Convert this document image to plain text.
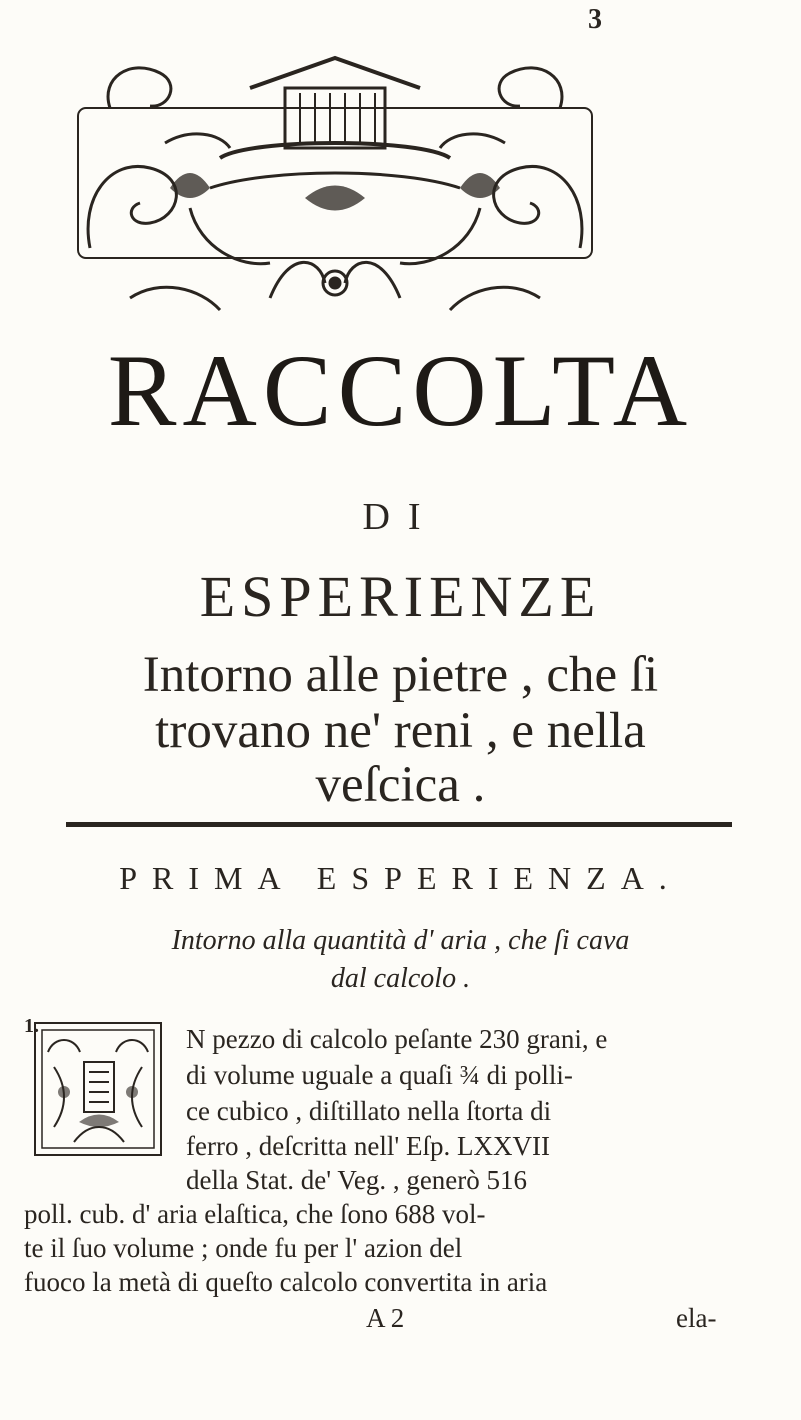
3
RACCOLTA
DI
ESPERIENZE
Intorno alle pietre , che ſi
trovano ne' reni , e nella
veſcica .
PRIMA ESPERIENZA.
Intorno alla quantità d' aria , che ſi cava
dal calcolo .
1.	N pezzo di calcolo peſante 230 grani, e
di volume uguale a quaſi ¾ di polli-
ce cubico , diſtillato nella ſtorta di
ferro , deſcritta nell' Eſp. LXXVII
della Stat. de' Veg. , generò 516
poll. cub. d' aria elaſtica, che ſono 688 vol-
te il ſuo volume ; onde fu per l' azion del
fuoco la metà di queſto calcolo convertita in aria
A 2	ela-
